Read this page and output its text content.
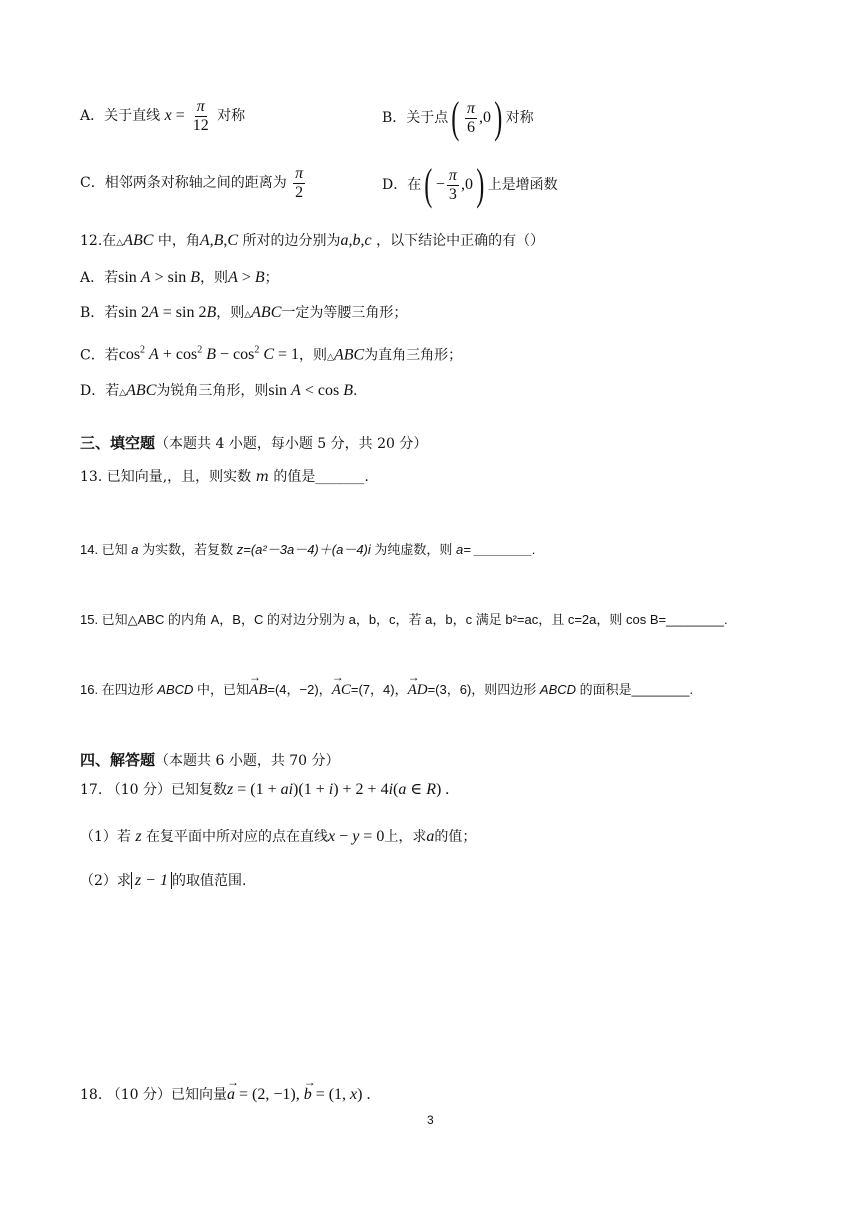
A．关于直线 $x = \frac{\pi}{12}$ 对称	B．关于点( $\frac{\pi}{6} ,0$) 对称
C．相邻两条对称轴之间的距离为 $\frac{\pi}{2}$	D．在( − $\frac{\pi}{3} ,0$) 上是增函数
12.在△ABC 中，角A,B,C 所对的边分别为a,b,c ，以下结论中正确的有（）
A．若sin A > sin B，则A > B；
B．若sin 2A = sin 2B，则△ABC一定为等腰三角形；
C．若$\cos^2 A + \cos^2 B - \cos^2 C = 1$，则△ABC为直角三角形；
D．若△ABC为锐角三角形，则sin A < cos B.
三、填空题（本题共 4 小题，每小题 5 分，共 20 分）
13. 已知向量,，且，则实数 m 的值是_______.
14. 已知 a 为实数，若复数 z=(a²－3a－4)＋(a－4)i 为纯虚数，则 a= ________.
15. 已知△ABC 的内角 A，B，C 的对边分别为 a，b，c，若 a，b，c 满足 b²=ac，且 c=2a，则 cos B=________.
16. 在四边形 ABCD 中，已知→ AB=(4，−2)，→ AC=(7，4)，→ AD=(3，6)，则四边形 ABCD 的面积是________.
四、解答题（本题共 6 小题，共 70 分）
17. （10 分）已知复数z = (1 + ai)(1 + i) + 2 + 4i(a ∈ R) .
（1）若 z 在复平面中所对应的点在直线x − y = 0上，求a的值；
（2）求 z − 1 的取值范围.
18. （10 分）已知向量→ a = (2, −1), → b = (1, x) .
3
